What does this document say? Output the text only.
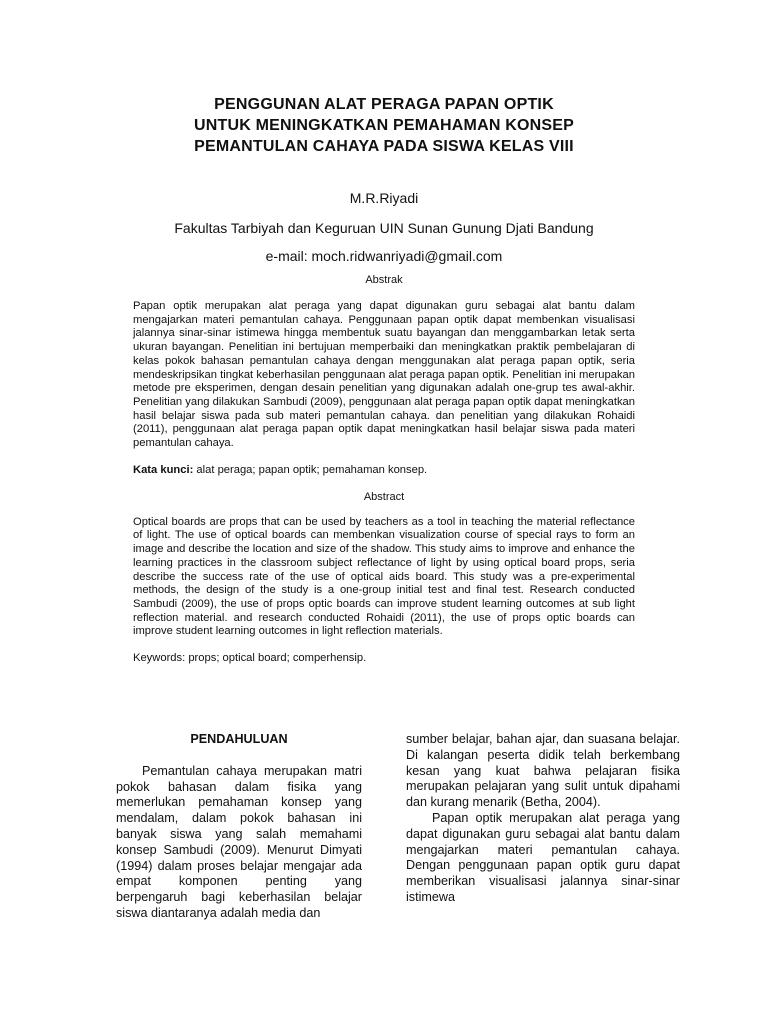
PENGGUNAN ALAT PERAGA PAPAN OPTIK
UNTUK MENINGKATKAN PEMAHAMAN KONSEP
PEMANTULAN CAHAYA PADA SISWA KELAS VIII
M.R.Riyadi
Fakultas Tarbiyah dan Keguruan UIN Sunan Gunung Djati Bandung
e-mail: moch.ridwanriyadi@gmail.com
Abstrak
Papan optik merupakan alat peraga yang dapat digunakan guru sebagai alat bantu dalam mengajarkan materi pemantulan cahaya. Penggunaan papan optik dapat membenkan visualisasi jalannya sinar-sinar istimewa hingga membentuk suatu bayangan dan menggambarkan letak serta ukuran bayangan. Penelitian ini bertujuan memperbaiki dan meningkatkan praktik pembelajaran di kelas pokok bahasan pemantulan cahaya dengan menggunakan alat peraga papan optik, seria mendeskripsikan tingkat keberhasilan penggunaan alat peraga papan optik. Penelitian ini merupakan metode pre eksperimen, dengan desain penelitian yang digunakan adalah one-grup tes awal-akhir. Penelitian yang dilakukan Sambudi (2009), penggunaan alat peraga papan optik dapat meningkatkan hasil belajar siswa pada sub materi pemantulan cahaya. dan penelitian yang dilakukan Rohaidi (2011), penggunaan alat peraga papan optik dapat meningkatkan hasil belajar siswa pada materi pemantulan cahaya.
Kata kunci: alat peraga; papan optik; pemahaman konsep.
Abstract
Optical boards are props that can be used by teachers as a tool in teaching the material reflectance of light. The use of optical boards can membenkan visualization course of special rays to form an image and describe the location and size of the shadow. This study aims to improve and enhance the learning practices in the classroom subject reflectance of light by using optical board props, seria describe the success rate of the use of optical aids board. This study was a pre-experimental methods, the design of the study is a one-group initial test and final test. Research conducted Sambudi (2009), the use of props optic boards can improve student learning outcomes at sub light reflection material. and research conducted Rohaidi (2011), the use of props optic boards can improve student learning outcomes in light reflection materials.
Keywords: props; optical board; comperhensip.
PENDAHULUAN

Pemantulan cahaya merupakan matri pokok bahasan dalam fisika yang memerlukan pemahaman konsep yang mendalam, dalam pokok bahasan ini banyak siswa yang salah memahami konsep Sambudi (2009). Menurut Dimyati (1994) dalam proses belajar mengajar ada empat komponen penting yang berpengaruh bagi keberhasilan belajar siswa diantaranya adalah media dan

sumber belajar, bahan ajar, dan suasana belajar. Di kalangan peserta didik telah berkembang kesan yang kuat bahwa pelajaran fisika merupakan pelajaran yang sulit untuk dipahami dan kurang menarik (Betha, 2004).

Papan optik merupakan alat peraga yang dapat digunakan guru sebagai alat bantu dalam mengajarkan materi pemantulan cahaya. Dengan penggunaan papan optik guru dapat memberikan visualisasi jalannya sinar-sinar istimewa
